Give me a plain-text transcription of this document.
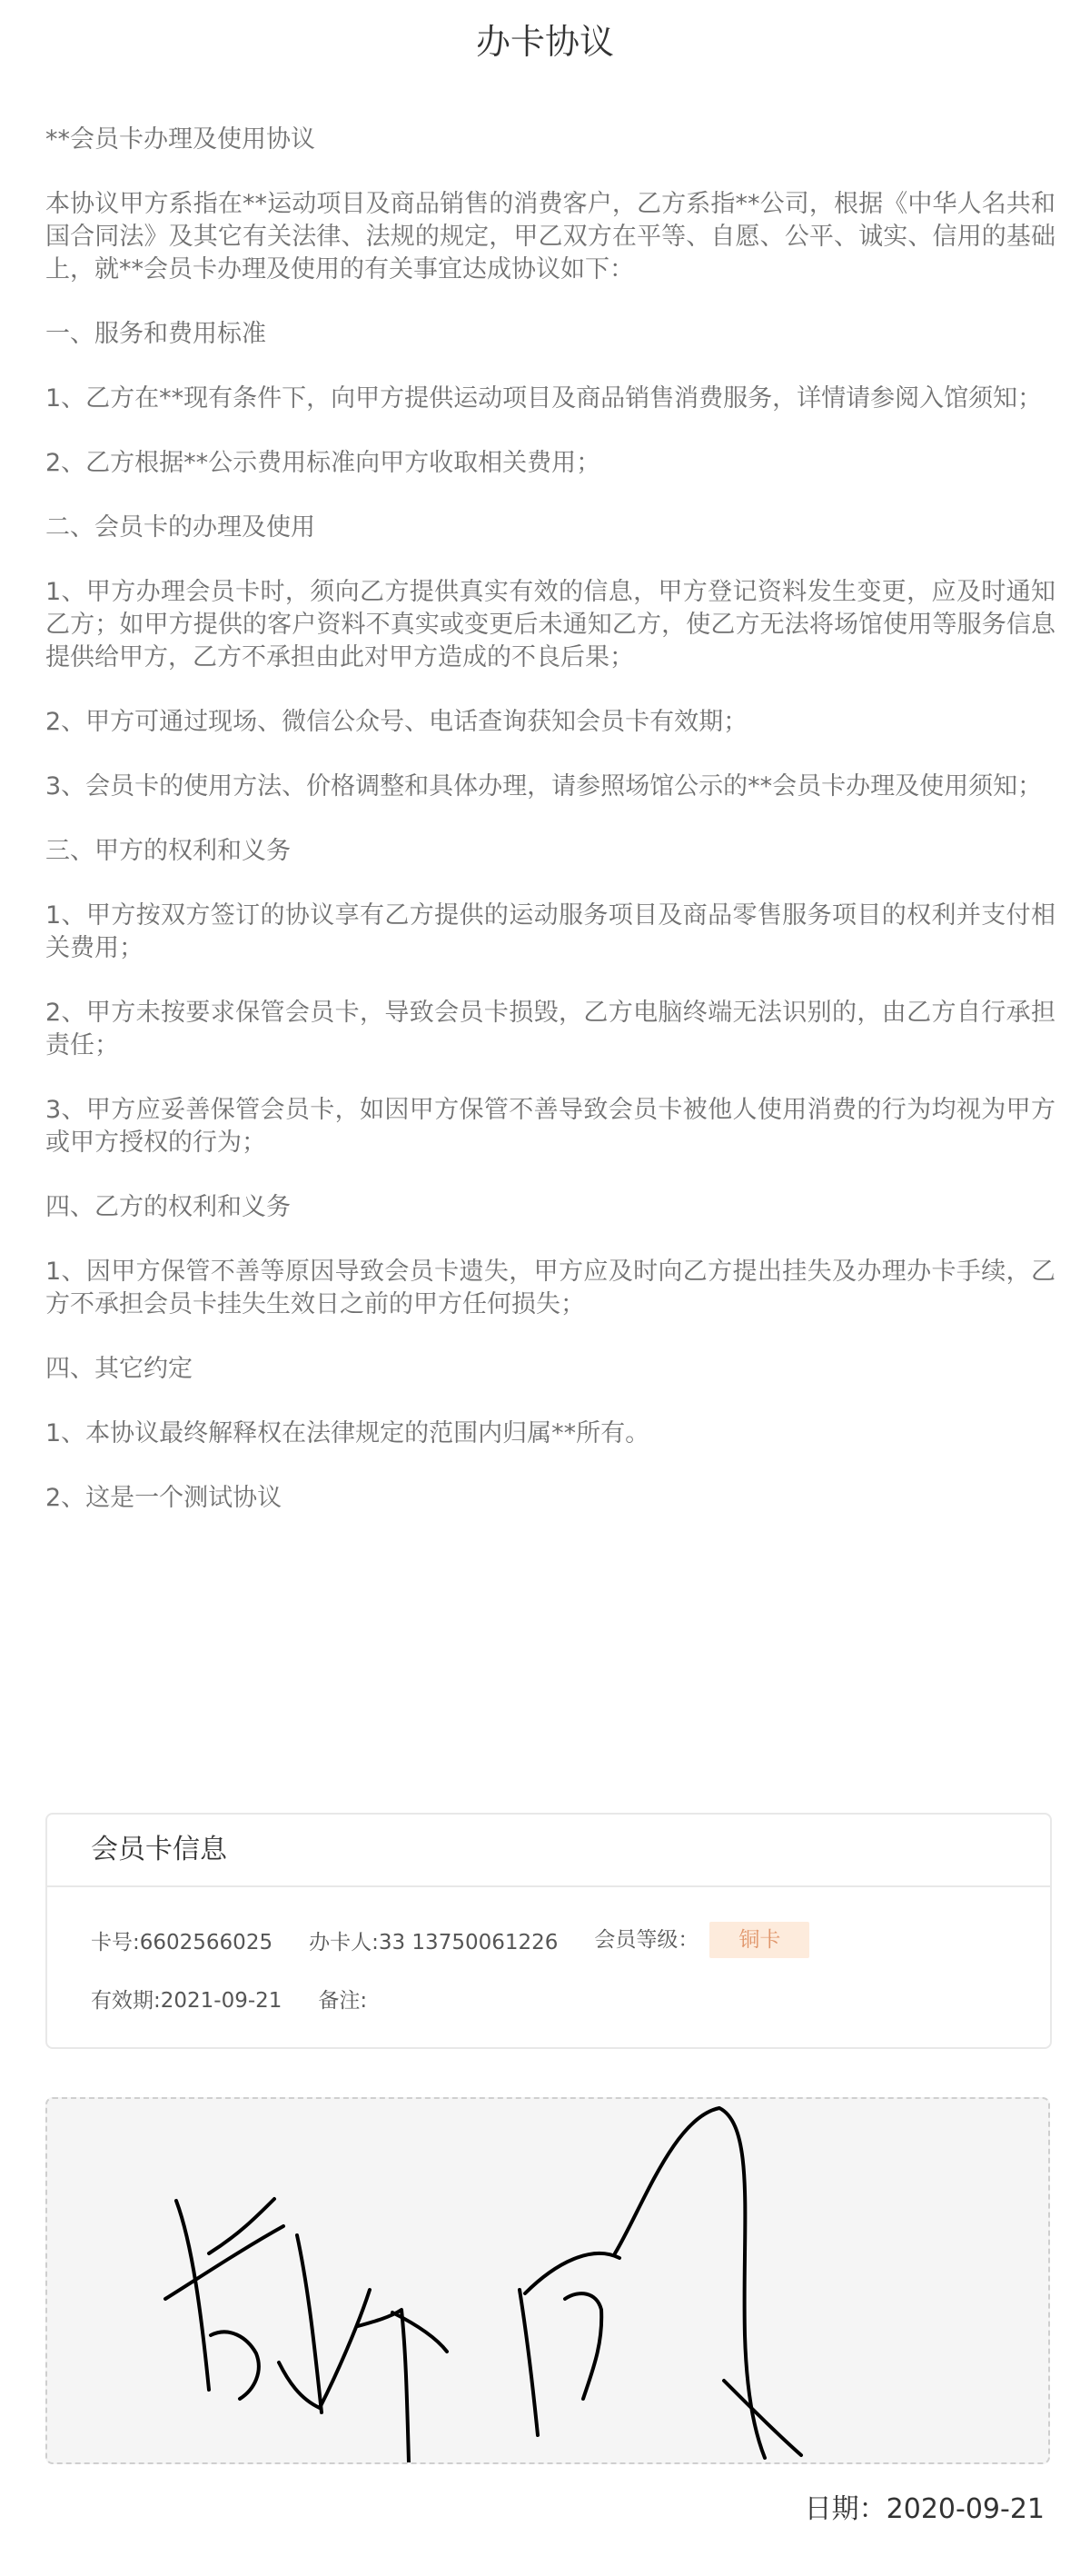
办卡协议

**会员卡办理及使用协议

本协议甲方系指在**运动项目及商品销售的消费客户，乙方系指**公司，根据《中华人名共和国合同法》及其它有关法律、法规的规定，甲乙双方在平等、自愿、公平、诚实、信用的基础上，就**会员卡办理及使用的有关事宜达成协议如下：

一、服务和费用标准

1、乙方在**现有条件下，向甲方提供运动项目及商品销售消费服务，详情请参阅入馆须知；

2、乙方根据**公示费用标准向甲方收取相关费用；

二、会员卡的办理及使用

1、甲方办理会员卡时，须向乙方提供真实有效的信息，甲方登记资料发生变更，应及时通知乙方；如甲方提供的客户资料不真实或变更后未通知乙方，使乙方无法将场馆使用等服务信息提供给甲方，乙方不承担由此对甲方造成的不良后果；

2、甲方可通过现场、微信公众号、电话查询获知会员卡有效期；

3、会员卡的使用方法、价格调整和具体办理，请参照场馆公示的**会员卡办理及使用须知；

三、甲方的权利和义务

1、甲方按双方签订的协议享有乙方提供的运动服务项目及商品零售服务项目的权利并支付相关费用；

2、甲方未按要求保管会员卡，导致会员卡损毁，乙方电脑终端无法识别的，由乙方自行承担责任；

3、甲方应妥善保管会员卡，如因甲方保管不善导致会员卡被他人使用消费的行为均视为甲方或甲方授权的行为；

四、乙方的权利和义务

1、因甲方保管不善等原因导致会员卡遗失，甲方应及时向乙方提出挂失及办理办卡手续，乙方不承担会员卡挂失生效日之前的甲方任何损失；

四、其它约定

1、本协议最终解释权在法律规定的范围内归属**所有。

2、这是一个测试协议

会员卡信息
卡号:6602566025 办卡人:33 13750061226 会员等级： 铜卡
有效期:2021-09-21 备注:
日期：2020-09-21
